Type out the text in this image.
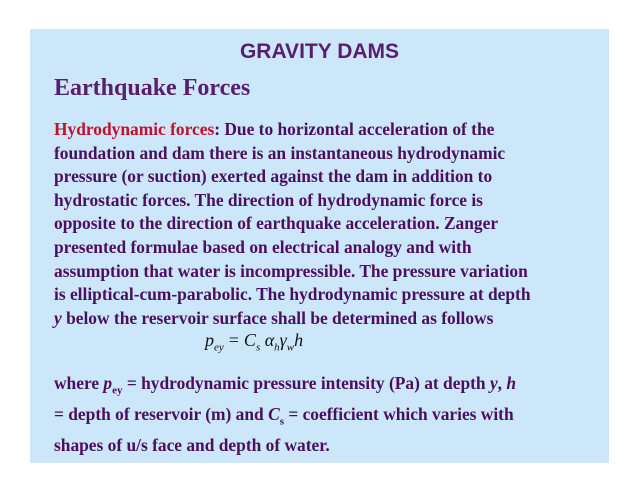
GRAVITY DAMS
Earthquake Forces

Hydrodynamic forces: Due to horizontal acceleration of the
foundation and dam there is an instantaneous hydrodynamic
pressure (or suction) exerted against the dam in addition to
hydrostatic forces. The direction of hydrodynamic force is
opposite to the direction of earthquake acceleration. Zanger
presented formulae based on electrical analogy and with
assumption that water is incompressible. The pressure variation
is elliptical-cum-parabolic. The hydrodynamic pressure at depth
y below the reservoir surface shall be determined as follows

$p_{ey} = C_s$ $\alpha_h\gamma_wh$

where $p_{ey}$ = hydrodynamic pressure intensity (Pa) at depth y, h
= depth of reservoir (m) and $C_s$ = coefficient which varies with
shapes of u/s face and depth of water.
